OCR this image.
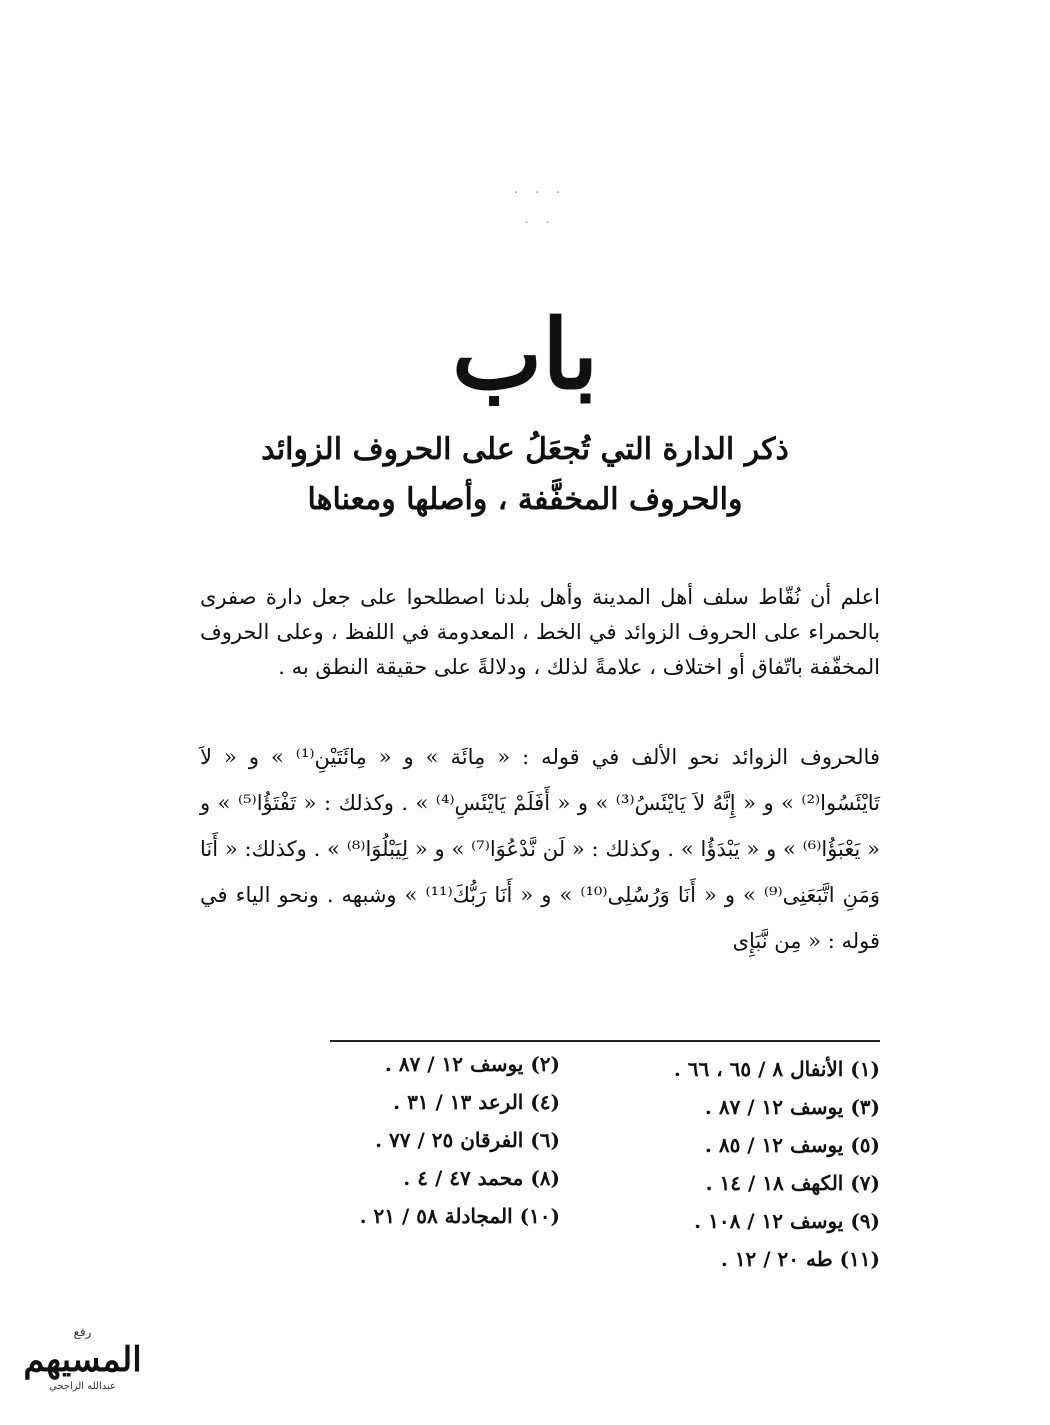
· · ·
· ·
باب
ذكر الدارة التي تُجعَلُ على الحروف الزوائد
والحروف المخفَّفة ، وأصلها ومعناها

اعلم أن نُقّاط سلف أهل المدينة وأهل بلدنا اصطلحوا على جعل دارة صفرى بالحمراء على الحروف الزوائد في الخط ، المعدومة في اللفظ ، وعلى الحروف المخفّفة باتّفاق أو اختلاف ، علامةً لذلك ، ودلالةً على حقيقة النطق به .

فالحروف الزوائد نحو الألف في قوله : « مِائَة » و « مِائَتَيْنِ⁽¹⁾ » و « لاَ تَايْئَسُوا⁽²⁾ » و « إِنَّهُ لاَ يَايْئَسُ⁽³⁾ » و « أَفَلَمْ يَايْئَسِ⁽⁴⁾ » . وكذلك : « تَفْتَؤُا⁽⁵⁾ » و « يَعْبَؤُا⁽⁶⁾ » و « يَبْدَؤُا » . وكذلك : « لَن نَّدْعُوَا⁽⁷⁾ » و « لِيَبْلُوَا⁽⁸⁾ » . وكذلك: « أَنَا وَمَنِ اتَّبَعَنِى⁽⁹⁾ » و « أَنَا وَرُسُلِى⁽¹⁰⁾ » و « أَنَا رَبُّكَ⁽¹¹⁾ » وشبهه . ونحو الياء في قوله : « مِن نَّبَإِى

(١) الأنفال ٨ / ٦٥ ، ٦٦ .
(٣) يوسف ١٢ / ٨٧ .
(٥) يوسف ١٢ / ٨٥ .
(٧) الكهف ١٨ / ١٤ .
(٩) يوسف ١٢ / ١٠٨ .
(١١) طه ٢٠ / ١٢ .
(٢) يوسف ١٢ / ٨٧ .
(٤) الرعد ١٣ / ٣١ .
(٦) الفرقان ٢٥ / ٧٧ .
(٨) محمد ٤٧ / ٤ .
(١٠) المجادلة ٥٨ / ٢١ .
رفع
المسيهم
عبدالله الراجحي
